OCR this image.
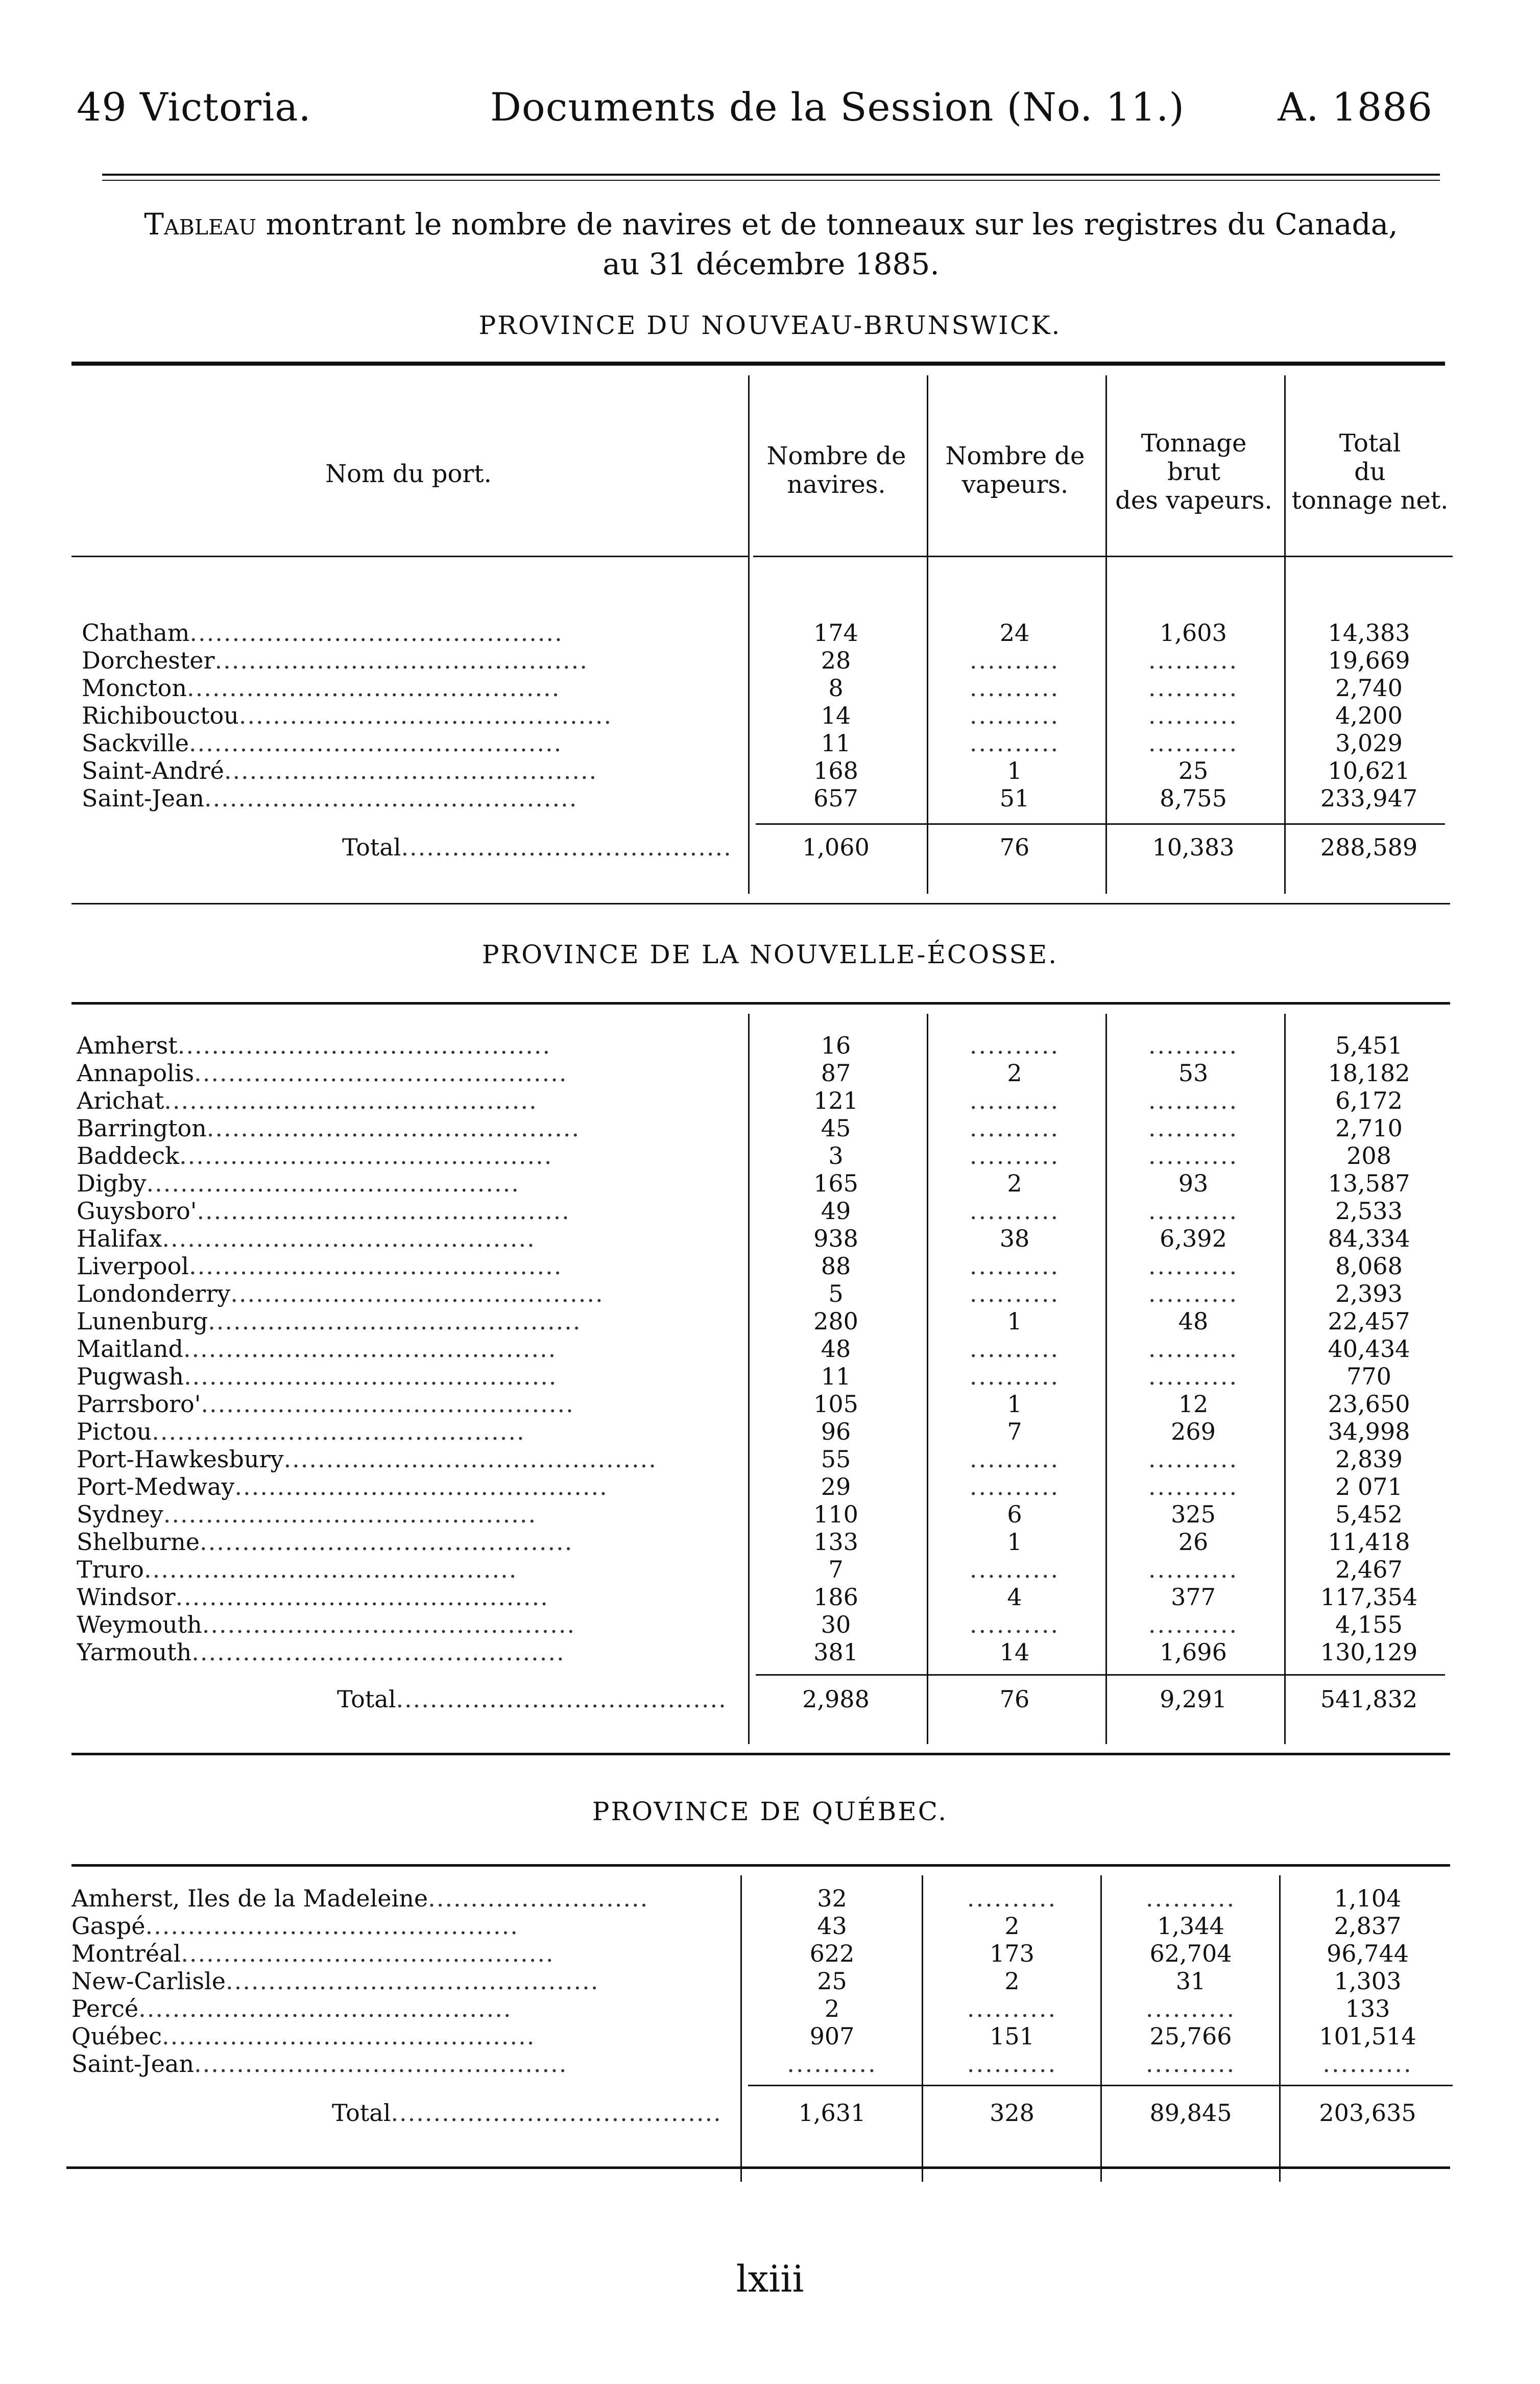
49 Victoria.	Documents de la Session (No. 11.) A. 1886
Tableau montrant le nombre de navires et de tonneaux sur les registres du Canada,
au 31 décembre 1885.
PROVINCE DU NOUVEAU-BRUNSWICK.
Nom du port.
Nombre de
navires.
Nombre de
vapeurs.
Tonnage
brut
des vapeurs.
Total
du
tonnage net.
Chatham............................................	174	24	1,603	14,383
Dorchester............................................	28	..........	..........	19,669
Moncton............................................	8	..........	..........	2,740
Richibouctou............................................	14	..........	..........	4,200
Sackville............................................	11	..........	..........	3,029
Saint-André............................................	168	1	25	10,621
Saint-Jean............................................	657	51	8,755	233,947
Total.......................................	1,060	76	10,383	288,589
PROVINCE DE LA NOUVELLE-ÉCOSSE.
Amherst............................................	16	..........	..........	5,451
Annapolis............................................	87	2	53	18,182
Arichat............................................	121	..........	..........	6,172
Barrington............................................	45	..........	..........	2,710
Baddeck............................................	3	..........	..........	208
Digby............................................	165	2	93	13,587
Guysboro'............................................	49	..........	..........	2,533
Halifax............................................	938	38	6,392	84,334
Liverpool............................................	88	..........	..........	8,068
Londonderry............................................	5	..........	..........	2,393
Lunenburg............................................	280	1	48	22,457
Maitland............................................	48	..........	..........	40,434
Pugwash............................................	11	..........	..........	770
Parrsboro'............................................	105	1	12	23,650
Pictou............................................	96	7	269	34,998
Port-Hawkesbury............................................	55	..........	..........	2,839
Port-Medway............................................	29	..........	..........	2 071
Sydney............................................	110	6	325	5,452
Shelburne............................................	133	1	26	11,418
Truro............................................	7	..........	..........	2,467
Windsor............................................	186	4	377	117,354
Weymouth............................................	30	..........	..........	4,155
Yarmouth............................................	381	14	1,696	130,129
Total.......................................	2,988	76	9,291	541,832
PROVINCE DE QUÉBEC.
Amherst, Iles de la Madeleine..........................	32	..........	..........	1,104
Gaspé............................................	43	2	1,344	2,837
Montréal............................................	622	173	62,704	96,744
New-Carlisle............................................	25	2	31	1,303
Percé............................................	2	..........	..........	133
Québec............................................	907	151	25,766	101,514
Saint-Jean............................................	..........	..........	..........	..........
Total.......................................	1,631	328	89,845	203,635
lxiii
